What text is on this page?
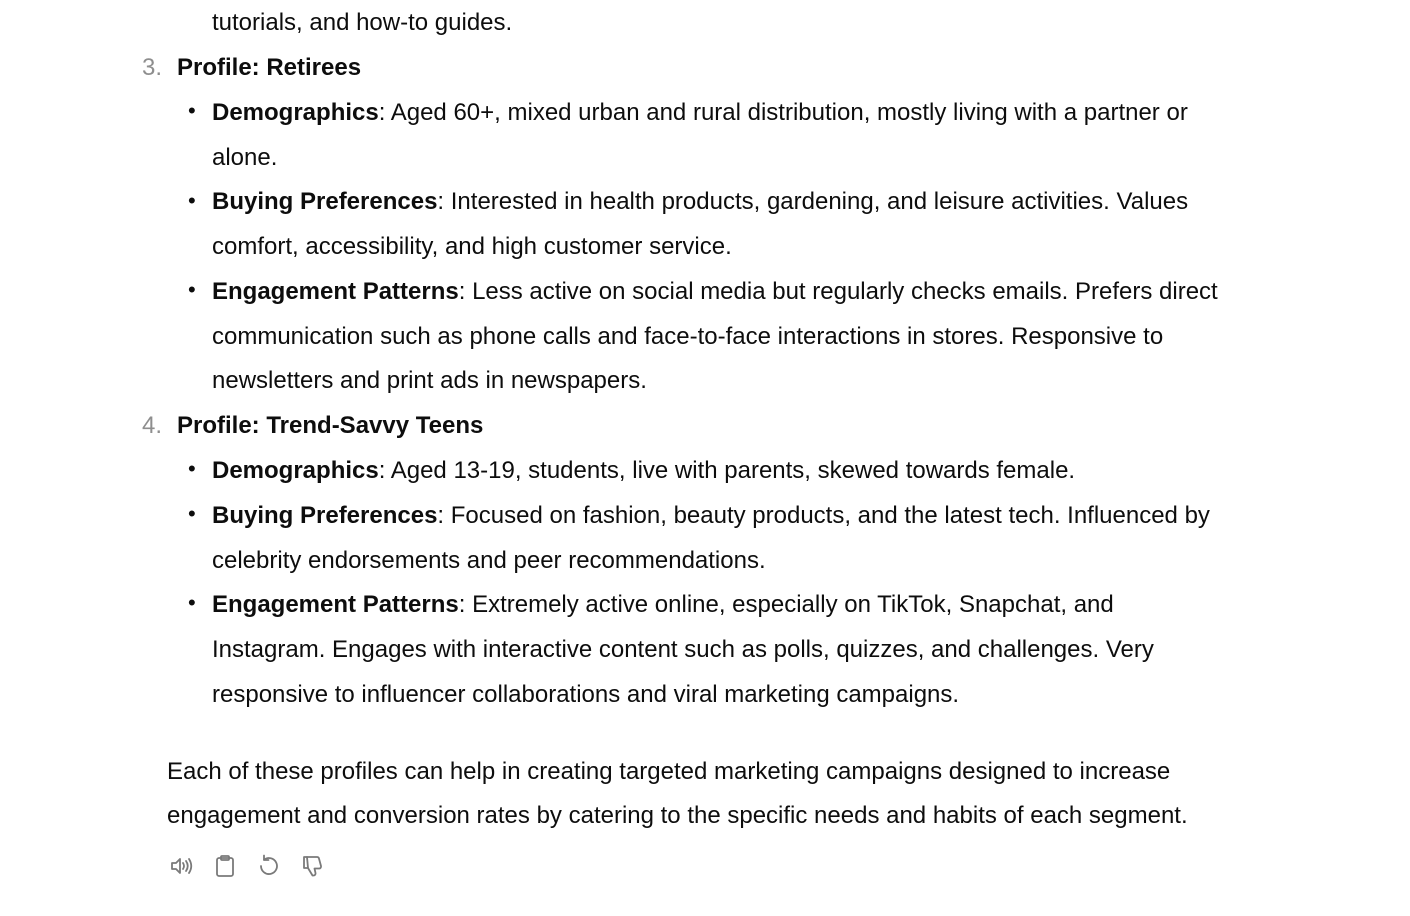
tutorials, and how-to guides.
3. Profile: Retirees
• Demographics: Aged 60+, mixed urban and rural distribution, mostly living with a partner or
alone.
• Buying Preferences: Interested in health products, gardening, and leisure activities. Values
comfort, accessibility, and high customer service.
• Engagement Patterns: Less active on social media but regularly checks emails. Prefers direct
communication such as phone calls and face-to-face interactions in stores. Responsive to
newsletters and print ads in newspapers.
4. Profile: Trend-Savvy Teens
• Demographics: Aged 13-19, students, live with parents, skewed towards female.
• Buying Preferences: Focused on fashion, beauty products, and the latest tech. Influenced by
celebrity endorsements and peer recommendations.
• Engagement Patterns: Extremely active online, especially on TikTok, Snapchat, and
Instagram. Engages with interactive content such as polls, quizzes, and challenges. Very
responsive to influencer collaborations and viral marketing campaigns.
Each of these profiles can help in creating targeted marketing campaigns designed to increase
engagement and conversion rates by catering to the specific needs and habits of each segment.
